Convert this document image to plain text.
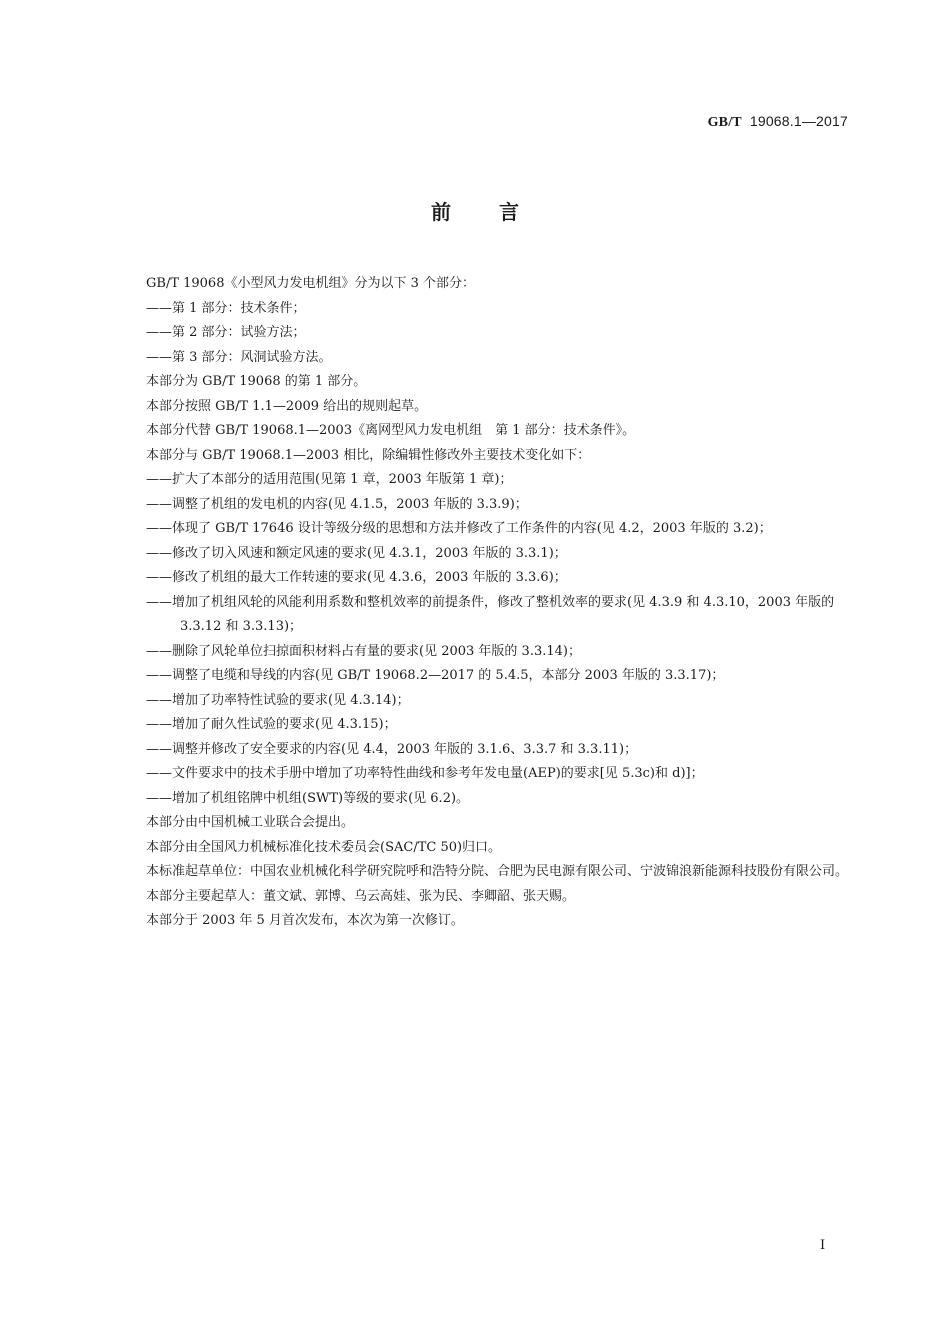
GB/T 19068.1—2017
前言

GB/T 19068《小型风力发电机组》分为以下 3 个部分：

——第 1 部分：技术条件；

——第 2 部分：试验方法；

——第 3 部分：风洞试验方法。

本部分为 GB/T 19068 的第 1 部分。

本部分按照 GB/T 1.1—2009 给出的规则起草。

本部分代替 GB/T 19068.1—2003《离网型风力发电机组　第 1 部分：技术条件》。

本部分与 GB/T 19068.1—2003 相比，除编辑性修改外主要技术变化如下：

——扩大了本部分的适用范围(见第 1 章，2003 年版第 1 章)；

——调整了机组的发电机的内容(见 4.1.5，2003 年版的 3.3.9)；

——体现了 GB/T 17646 设计等级分级的思想和方法并修改了工作条件的内容(见 4.2，2003 年版的 3.2)；

——修改了切入风速和额定风速的要求(见 4.3.1，2003 年版的 3.3.1)；

——修改了机组的最大工作转速的要求(见 4.3.6，2003 年版的 3.3.6)；

——增加了机组风轮的风能利用系数和整机效率的前提条件，修改了整机效率的要求(见 4.3.9 和 4.3.10，2003 年版的 3.3.12 和 3.3.13)；

——删除了风轮单位扫掠面积材料占有量的要求(见 2003 年版的 3.3.14)；

——调整了电缆和导线的内容(见 GB/T 19068.2—2017 的 5.4.5，本部分 2003 年版的 3.3.17)；

——增加了功率特性试验的要求(见 4.3.14)；

——增加了耐久性试验的要求(见 4.3.15)；

——调整并修改了安全要求的内容(见 4.4，2003 年版的 3.1.6、3.3.7 和 3.3.11)；

——文件要求中的技术手册中增加了功率特性曲线和参考年发电量(AEP)的要求[见 5.3c)和 d)]；

——增加了机组铭牌中机组(SWT)等级的要求(见 6.2)。

本部分由中国机械工业联合会提出。

本部分由全国风力机械标准化技术委员会(SAC/TC 50)归口。

本标准起草单位：中国农业机械化科学研究院呼和浩特分院、合肥为民电源有限公司、宁波锦浪新能源科技股份有限公司。

本部分主要起草人：董文斌、郭博、乌云高娃、张为民、李卿韶、张天赐。

本部分于 2003 年 5 月首次发布，本次为第一次修订。

I
